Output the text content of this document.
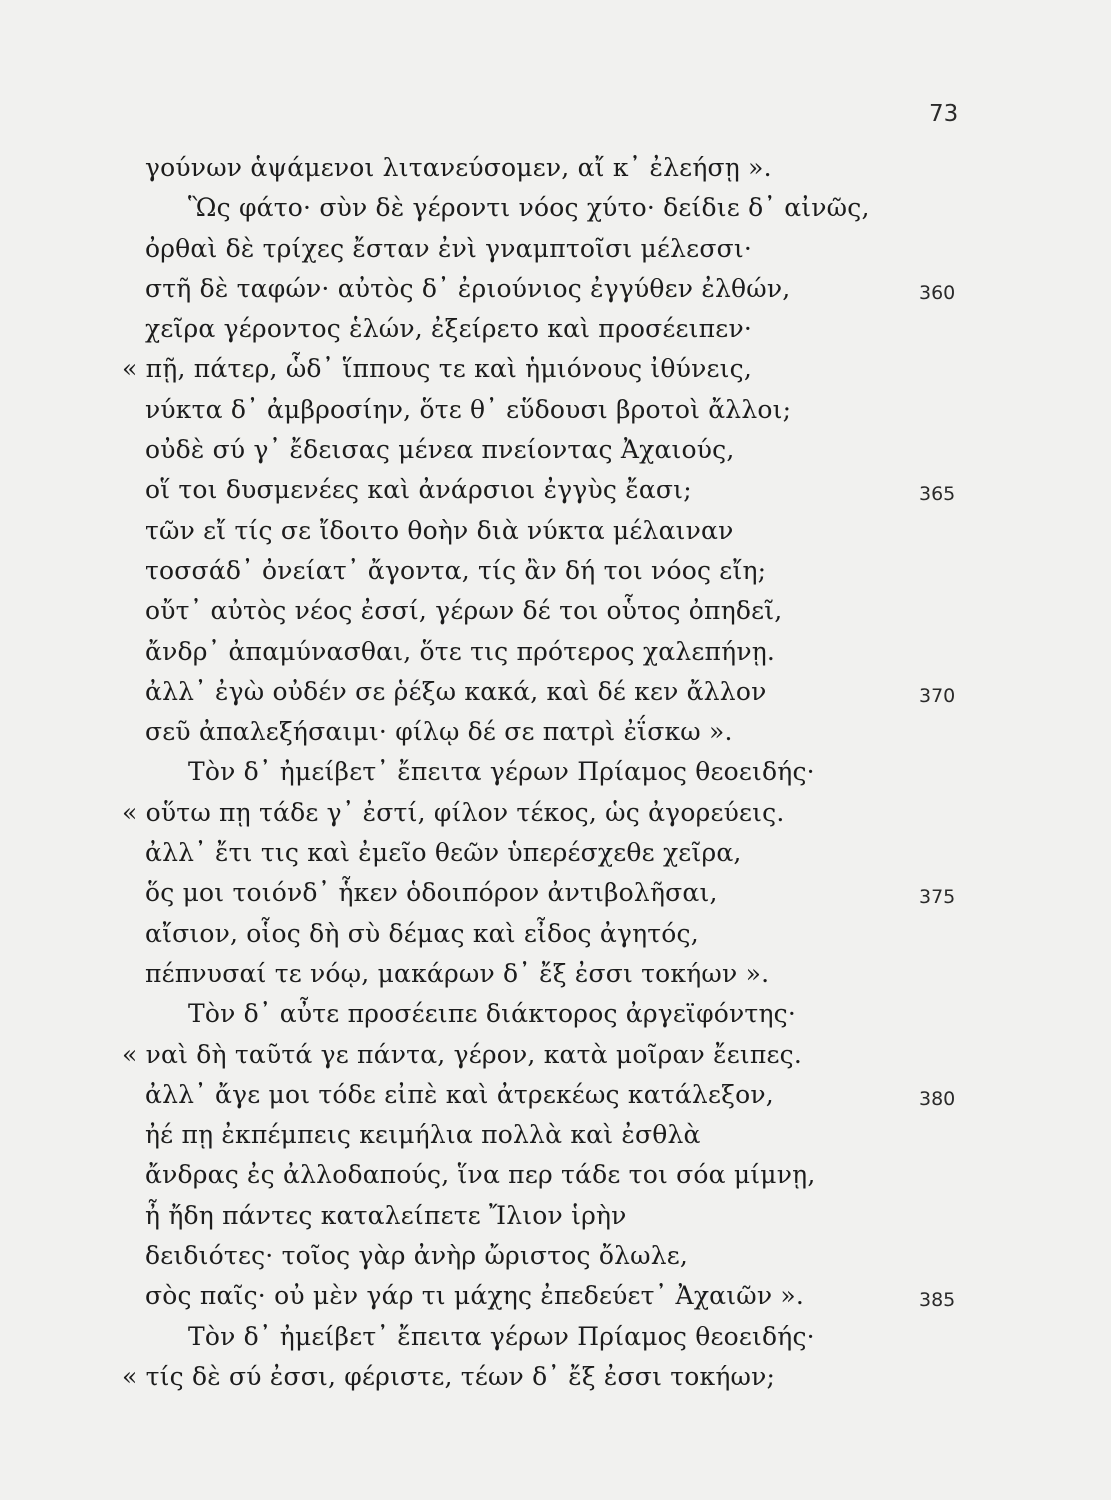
73
γούνων ἁψάμενοι λιτανεύσομεν, αἴ κ᾽ ἐλεήσῃ ».
Ὣς φάτο· σὺν δὲ γέροντι νόος χύτο· δείδιε δ᾽ αἰνῶς,
ὀρθαὶ δὲ τρίχες ἔσταν ἐνὶ γναμπτοῖσι μέλεσσι·
στῆ δὲ ταφών· αὐτὸς δ᾽ ἐριούνιος ἐγγύθεν ἐλθών,	360
χεῖρα γέροντος ἑλών, ἐξείρετο καὶ προσέειπεν·
« πῇ, πάτερ, ὧδ᾽ ἵππους τε καὶ ἡμιόνους ἰθύνεις,
νύκτα δ᾽ ἀμβροσίην, ὅτε θ᾽ εὕδουσι βροτοὶ ἄλλοι;
οὐδὲ σύ γ᾽ ἔδεισας μένεα πνείοντας Ἀχαιούς,
οἵ τοι δυσμενέες καὶ ἀνάρσιοι ἐγγὺς ἔασι;	365
τῶν εἴ τίς σε ἴδοιτο θοὴν διὰ νύκτα μέλαιναν
τοσσάδ᾽ ὀνείατ᾽ ἄγοντα, τίς ἂν δή τοι νόος εἴη;
οὔτ᾽ αὐτὸς νέος ἐσσί, γέρων δέ τοι οὗτος ὀπηδεῖ,
ἄνδρ᾽ ἀπαμύνασθαι, ὅτε τις πρότερος χαλεπήνῃ.
ἀλλ᾽ ἐγὼ οὐδέν σε ῥέξω κακά, καὶ δέ κεν ἄλλον	370
σεῦ ἀπαλεξήσαιμι· φίλῳ δέ σε πατρὶ ἐΐσκω ».
Τὸν δ᾽ ἠμείβετ᾽ ἔπειτα γέρων Πρίαμος θεοειδής·
« οὕτω πῃ τάδε γ᾽ ἐστί, φίλον τέκος, ὡς ἀγορεύεις.
ἀλλ᾽ ἔτι τις καὶ ἐμεῖο θεῶν ὑπερέσχεθε χεῖρα,
ὅς μοι τοιόνδ᾽ ἧκεν ὁδοιπόρον ἀντιβολῆσαι,	375
αἴσιον, οἷος δὴ σὺ δέμας καὶ εἶδος ἀγητός,
πέπνυσαί τε νόῳ, μακάρων δ᾽ ἔξ ἐσσι τοκήων ».
Τὸν δ᾽ αὖτε προσέειπε διάκτορος ἀργεϊφόντης·
« ναὶ δὴ ταῦτά γε πάντα, γέρον, κατὰ μοῖραν ἔειπες.
ἀλλ᾽ ἄγε μοι τόδε εἰπὲ καὶ ἀτρεκέως κατάλεξον,	380
ἠέ πῃ ἐκπέμπεις κειμήλια πολλὰ καὶ ἐσθλὰ
ἄνδρας ἐς ἀλλοδαπούς, ἵνα περ τάδε τοι σόα μίμνῃ,
ἦ ἤδη πάντες καταλείπετε Ἴλιον ἱρὴν
δειδιότες· τοῖος γὰρ ἀνὴρ ὤριστος ὄλωλε,
σὸς παῖς· οὐ μὲν γάρ τι μάχης ἐπεδεύετ᾽ Ἀχαιῶν ».	385
Τὸν δ᾽ ἠμείβετ᾽ ἔπειτα γέρων Πρίαμος θεοειδής·
« τίς δὲ σύ ἐσσι, φέριστε, τέων δ᾽ ἔξ ἐσσι τοκήων;
